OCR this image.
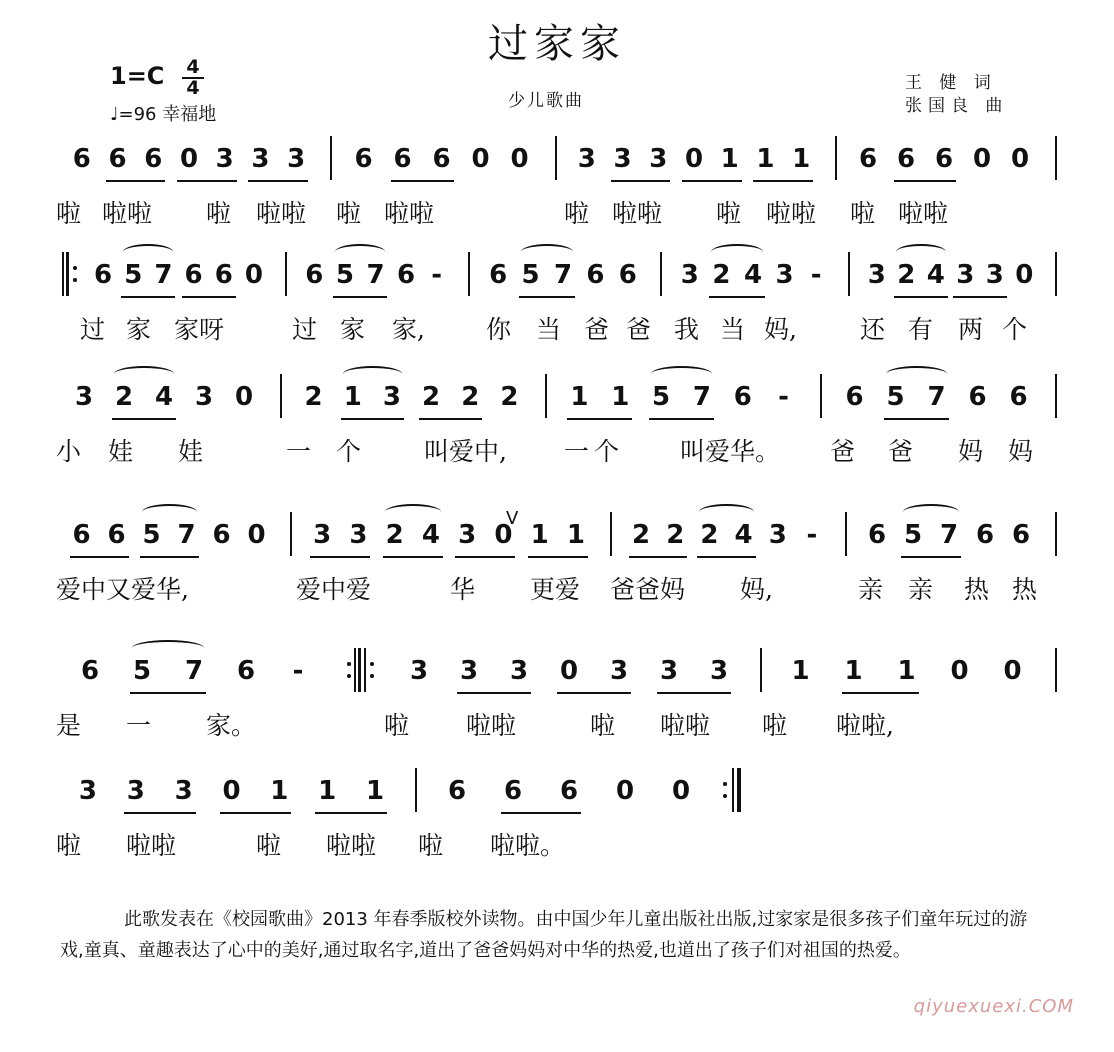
过家家
1=C	4
4
♩=96 幸福地
少儿歌曲
王 健 词
张国良 曲
6 6 6 0 3 3 3 6 6 6 0 0 3 3 3 0 1 1 1 6 6 6 0 0
啦 啦啦 啦 啦啦 啦 啦啦	啦 啦啦 啦 啦啦 啦 啦啦
6 5 7 6 6 0 6 5 7 6 - 6 5 7 6 6 3 2 4 3 - 3 2 4 3 3 0
过 家 家呀	过 家 家, 你 当 爸 爸 我 当 妈,	还 有 两 个
3 2 4 3 0 2 1 3 2 2 2 1 1 5 7 6 - 6 5 7 6 6
小 娃 娃	一 个	叫爱中, 一 个 叫爱华。 爸 爸 妈 妈
6 6 5 7 6 0 3 3 2 4 3 0 1 1 2 2 2 4 3 - 6 5 7 6 6
V
爱中又爱华,	爱中爱	华 更爱 爸爸妈 妈,	亲 亲 热 热
6 5 7 6 -	3 3 3 0 3 3 3 1 1 1 0 0
是 一 家。	啦 啦啦	啦 啦啦 啦 啦啦,
3 3 3 0 1 1 1 6 6 6 0 0
啦 啦啦	啦 啦啦 啦 啦啦。

此歌发表在《校园歌曲》2013 年春季版校外读物。由中国少年儿童出版社出版,过家家是很多孩子们童年玩过的游戏,童真、童趣表达了心中的美好,通过取名字,道出了爸爸妈妈对中华的热爱,也道出了孩子们对祖国的热爱。

qiyuexuexi.COM
